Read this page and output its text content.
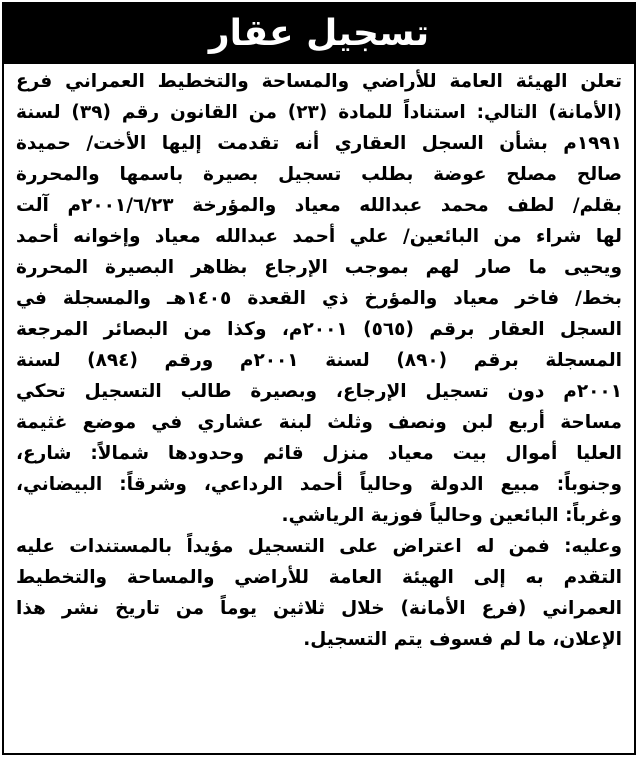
تسجيل عقار
تعلن الهيئة العامة للأراضي والمساحة والتخطيط العمراني فرع
(الأمانة) التالي: استناداً للمادة (٢٣) من القانون رقم (٣٩) لسنة
١٩٩١م بشأن السجل العقاري أنه تقدمت إليها الأخت/ حميدة
صالح مصلح عوضة بطلب تسجيل بصيرة باسمها والمحررة
بقلم/ لطف محمد عبدالله معياد والمؤرخة ٢٠٠١/٦/٢٣م آلت
لها شراء من البائعين/ علي أحمد عبدالله معياد وإخوانه أحمد
ويحيى ما صار لهم بموجب الإرجاع بظاهر البصيرة المحررة
بخط/ فاخر معياد والمؤرخ ذي القعدة ١٤٠٥هـ والمسجلة في
السجل العقار برقم (٥٦٥) ٢٠٠١م، وكذا من البصائر المرجعة
المسجلة برقم (٨٩٠) لسنة ٢٠٠١م ورقم (٨٩٤) لسنة
٢٠٠١م دون تسجيل الإرجاع، وبصيرة طالب التسجيل تحكي
مساحة أربع لبن ونصف وثلث لبنة عشاري في موضع غثيمة
العليا أموال بيت معياد منزل قائم وحدودها شمالاً: شارع،
وجنوباً: مبيع الدولة وحالياً أحمد الرداعي، وشرقاً: البيضاني،
وغرباً: البائعين وحالياً فوزية الرياشي.
وعليه: فمن له اعتراض على التسجيل مؤيداً بالمستندات عليه
التقدم به إلى الهيئة العامة للأراضي والمساحة والتخطيط
العمراني (فرع الأمانة) خلال ثلاثين يوماً من تاريخ نشر هذا
الإعلان، ما لم فسوف يتم التسجيل.
